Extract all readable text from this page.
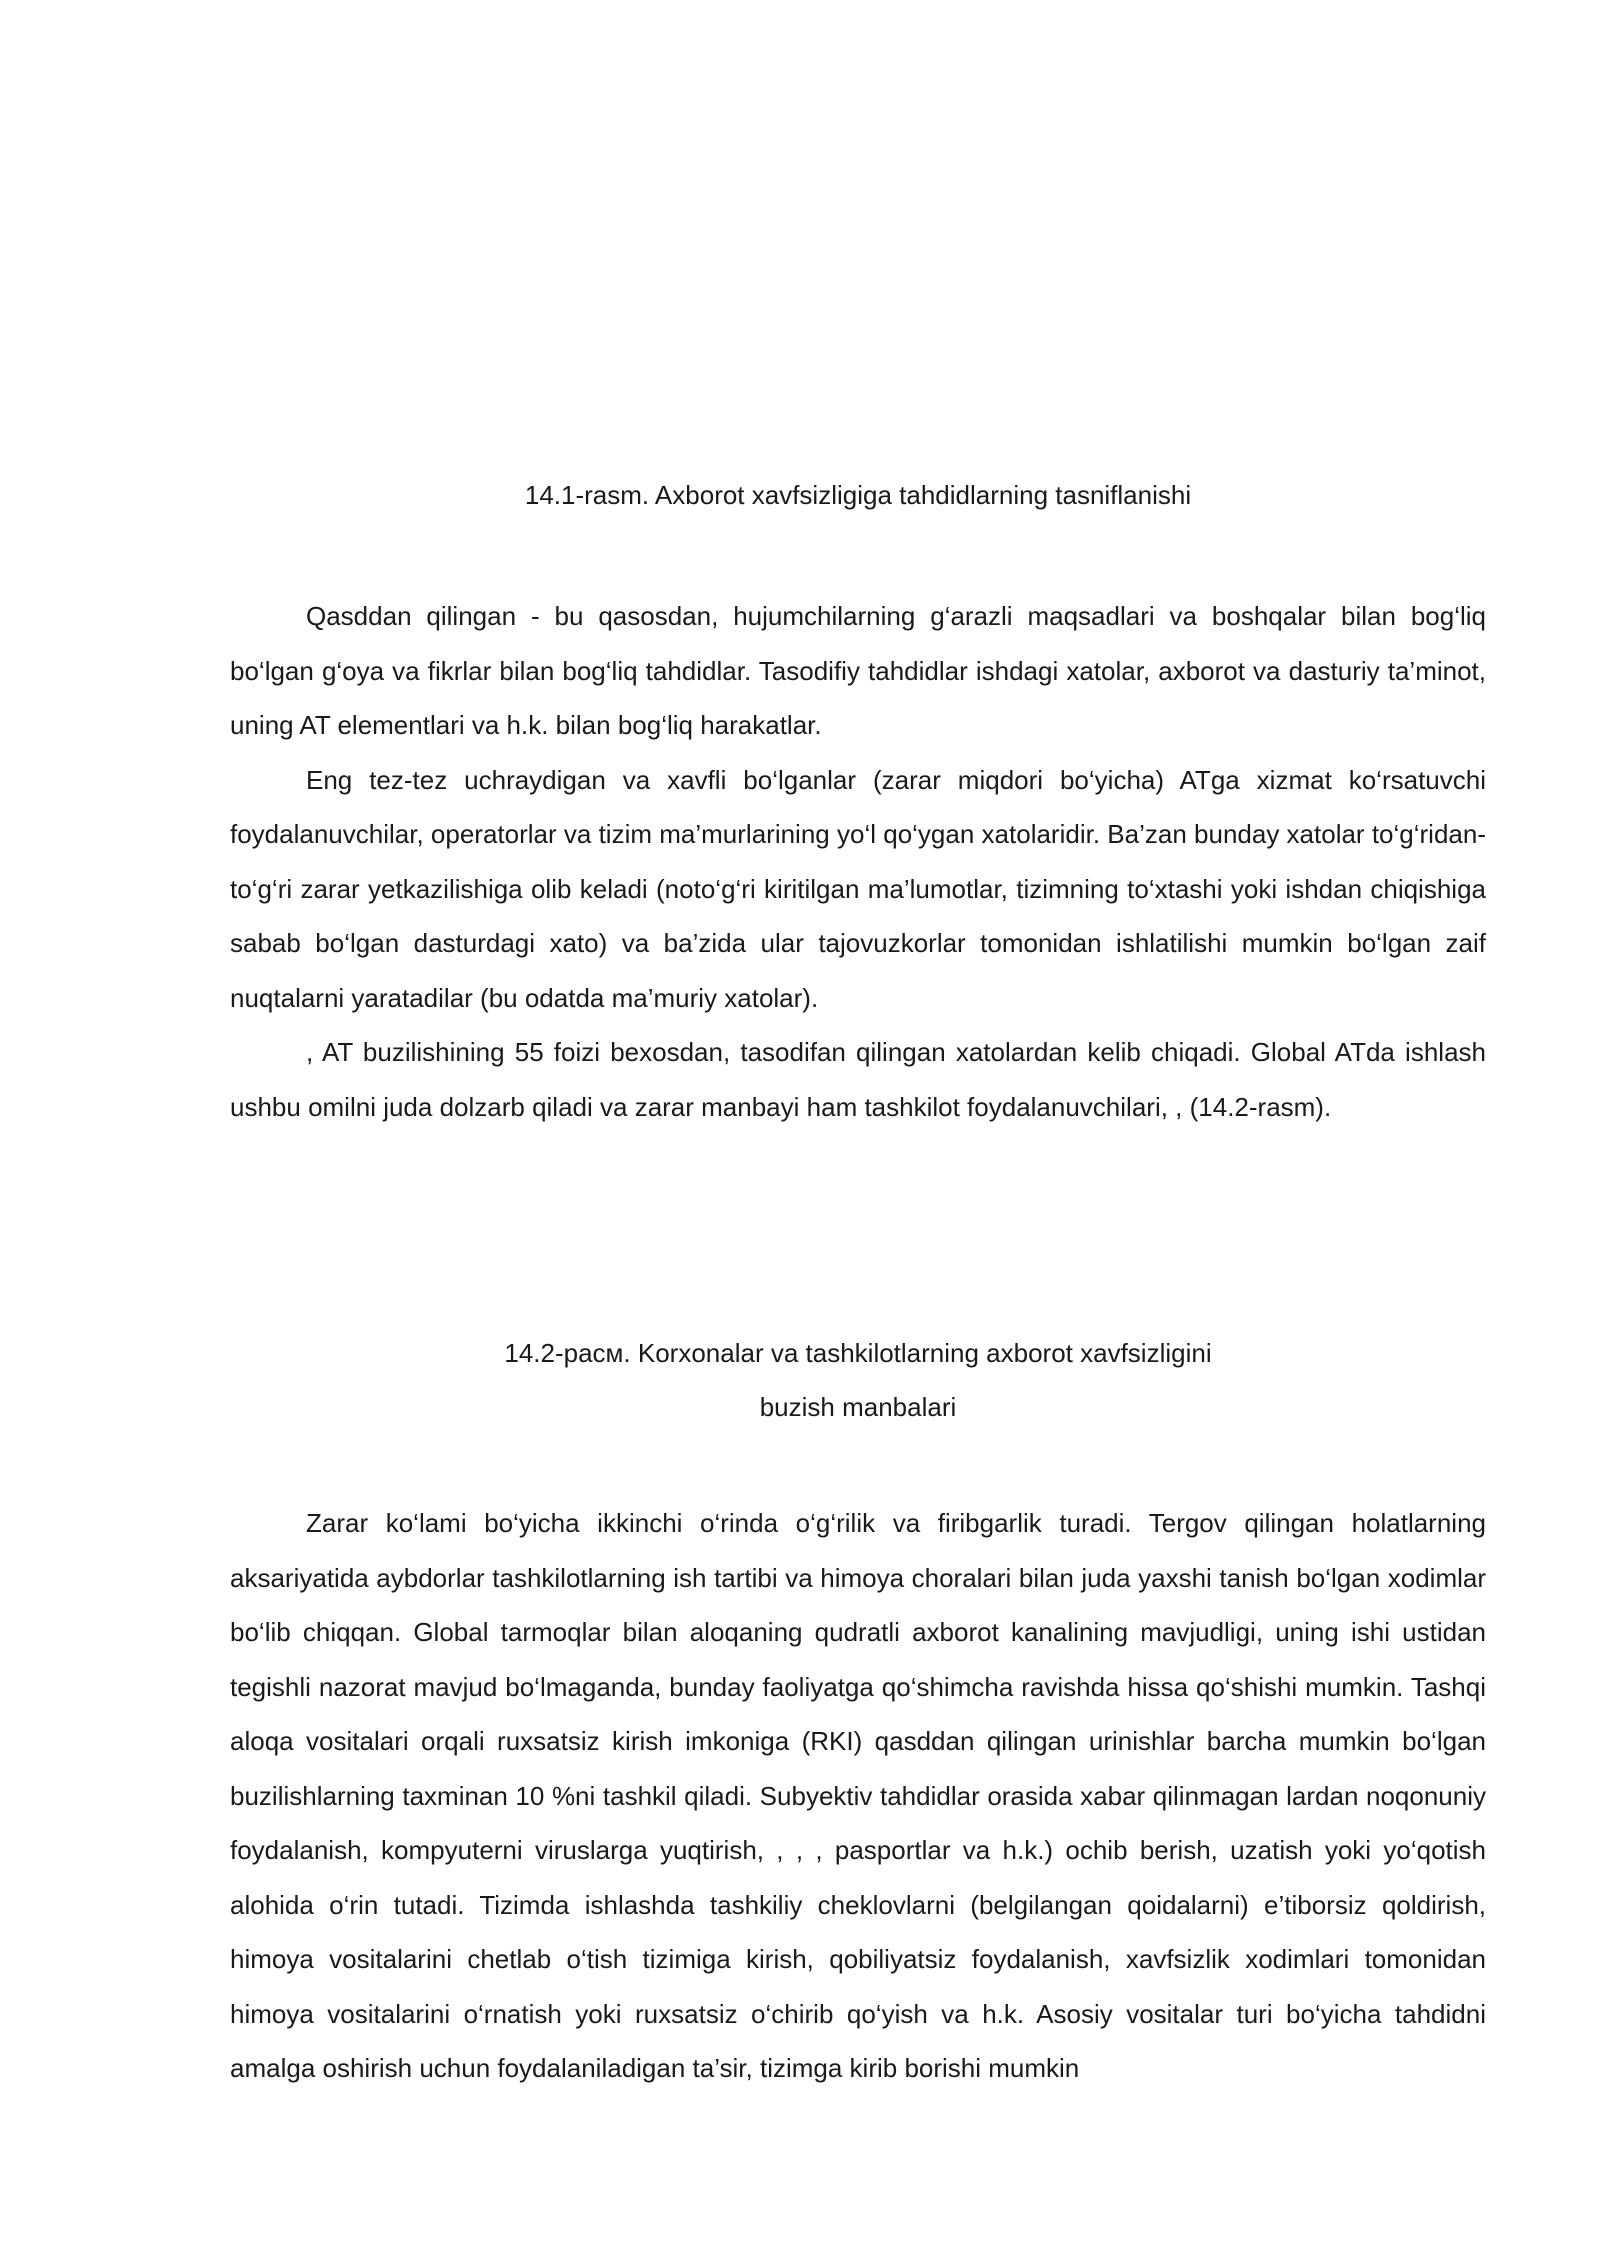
14.1-rasm. Axborot xavfsizligiga tahdidlarning tasniflanishi

Qasddan qilingan - bu qasosdan, hujumchilarning g‘arazli maqsadlari va boshqalar bilan bog‘liq bo‘lgan g‘oya va fikrlar bilan bog‘liq tahdidlar. Tasodifiy tahdidlar ishdagi xatolar, axborot va dasturiy ta’minot, uning AT elementlari va h.k. bilan bog‘liq harakatlar.

Eng tez-tez uchraydigan va xavfli bo‘lganlar (zarar miqdori bo‘yicha) ATga xizmat ko‘rsatuvchi foydalanuvchilar, operatorlar va tizim ma’murlarining yo‘l qo‘ygan xatolaridir. Ba’zan bunday xatolar to‘g‘ridan-to‘g‘ri zarar yetkazilishiga olib keladi (noto‘g‘ri kiritilgan ma’lumotlar, tizimning to‘xtashi yoki ishdan chiqishiga sabab bo‘lgan dasturdagi xato) va ba’zida ular tajovuzkorlar tomonidan ishlatilishi mumkin bo‘lgan zaif nuqtalarni yaratadilar (bu odatda ma’muriy xatolar).

, AT buzilishining 55 foizi bexosdan, tasodifan qilingan xatolardan kelib chiqadi. Global ATda ishlash ushbu omilni juda dolzarb qiladi va zarar manbayi ham tashkilot foydalanuvchilari, , (14.2-rasm).

14.2-расм. Korxonalar va tashkilotlarning axborot xavfsizligini

buzish manbalari

Zarar ko‘lami bo‘yicha ikkinchi o‘rinda o‘g‘rilik va firibgarlik turadi. Tergov qilingan holatlarning aksariyatida aybdorlar tashkilotlarning ish tartibi va himoya choralari bilan juda yaxshi tanish bo‘lgan xodimlar bo‘lib chiqqan. Global tarmoqlar bilan aloqaning qudratli axborot kanalining mavjudligi, uning ishi ustidan tegishli nazorat mavjud bo‘lmaganda, bunday faoliyatga qo‘shimcha ravishda hissa qo‘shishi mumkin. Tashqi aloqa vositalari orqali ruxsatsiz kirish imkoniga (RKI) qasddan qilingan urinishlar barcha mumkin bo‘lgan buzilishlarning taxminan 10 %ni tashkil qiladi. Subyektiv tahdidlar orasida xabar qilinmagan lardan noqonuniy foydalanish, kompyuterni viruslarga yuqtirish, , , , pasportlar va h.k.) ochib berish, uzatish yoki yo‘qotish alohida o‘rin tutadi. Tizimda ishlashda tashkiliy cheklovlarni (belgilangan qoidalarni) e’tiborsiz qoldirish, himoya vositalarini chetlab o‘tish tizimiga kirish, qobiliyatsiz foydalanish, xavfsizlik xodimlari tomonidan himoya vositalarini o‘rnatish yoki ruxsatsiz o‘chirib qo‘yish va h.k. Asosiy vositalar turi bo‘yicha tahdidni amalga oshirish uchun foydalaniladigan ta’sir, tizimga kirib borishi mumkin
